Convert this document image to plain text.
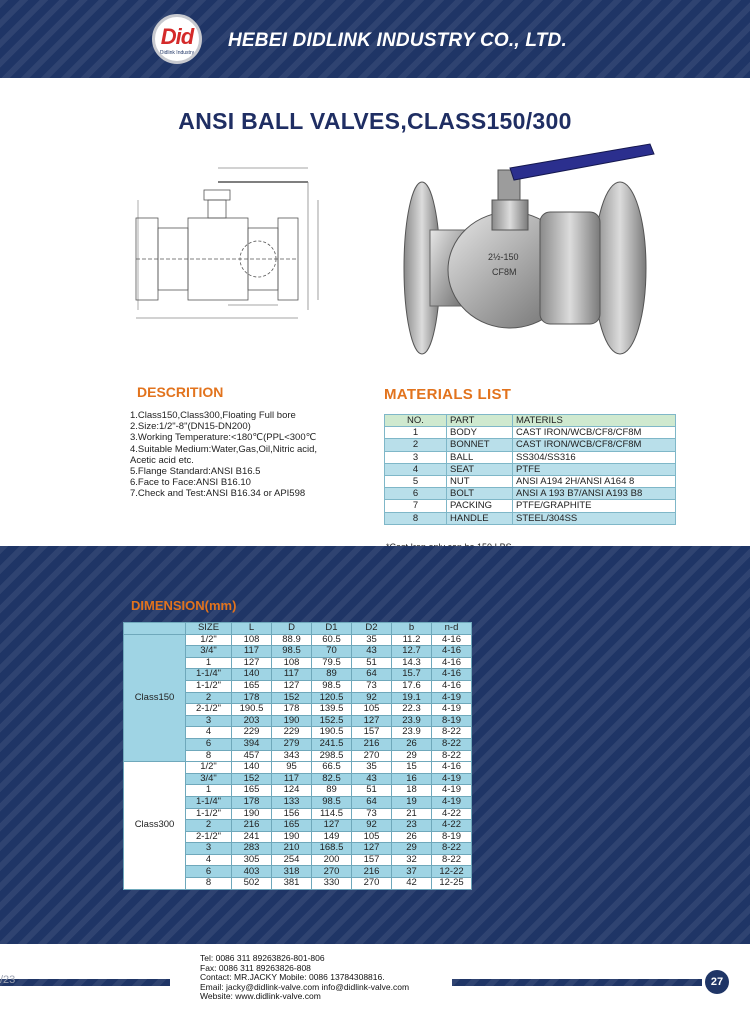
Did
Didlink Industry
HEBEI DIDLINK INDUSTRY CO., LTD.
ANSI BALL VALVES,CLASS150/300
2½-150
CF8M
DESCRITION
1.Class150,Class300,Floating Full bore
2.Size:1/2"-8"(DN15-DN200)
3.Working Temperature:<180℃(PPL<300℃
4.Suitable Medium:Water,Gas,Oil,Nitric acid,
Acetic acid etc.
5.Flange Standard:ANSI B16.5
6.Face to Face:ANSI B16.10
7.Check and Test:ANSI B16.34 or API598
MATERIALS LIST
NO.	PART	MATERILS
1	BODY	CAST IRON/WCB/CF8/CF8M
2	BONNET	CAST IRON/WCB/CF8/CF8M
3	BALL	SS304/SS316
4	SEAT	PTFE
5	NUT	ANSI A194 2H/ANSI A164 8
6	BOLT	ANSI A 193 B7/ANSI A193 B8
7	PACKING	PTFE/GRAPHITE
8	HANDLE	STEEL/304SS
DIMENSION(mm)
	SIZE	L	D	D1	D2	b	n-d
Class150	1/2"	108	88.9	60.5	35	11.2	4-16
	3/4"	117	98.5	70	43	12.7	4-16
	1	127	108	79.5	51	14.3	4-16
	1-1/4"	140	117	89	64	15.7	4-16
	1-1/2"	165	127	98.5	73	17.6	4-16
	2	178	152	120.5	92	19.1	4-19
	2-1/2"	190.5	178	139.5	105	22.3	4-19
	3	203	190	152.5	127	23.9	8-19
	4	229	229	190.5	157	23.9	8-22
	6	394	279	241.5	216	26	8-22
	8	457	343	298.5	270	29	8-22
Class300	1/2"	140	95	66.5	35	15	4-16
	3/4"	152	117	82.5	43	16	4-19
	1	165	124	89	51	18	4-19
	1-1/4"	178	133	98.5	64	19	4-19
	1-1/2"	190	156	114.5	73	21	4-22
	2	216	165	127	92	23	4-22
	2-1/2"	241	190	149	105	26	8-19
	3	283	210	168.5	127	29	8-22
	4	305	254	200	157	32	8-22
	6	403	318	270	216	37	12-22
	8	502	381	330	270	42	12-25
/23
Tel: 0086 311 89263826-801-806
Fax: 0086 311 89263826-808
Contact: MR.JACKY Mobile: 0086 13784308816.
Email: jacky@didlink-valve.com info@didlink-valve.com
Website: www.didlink-valve.com
27
